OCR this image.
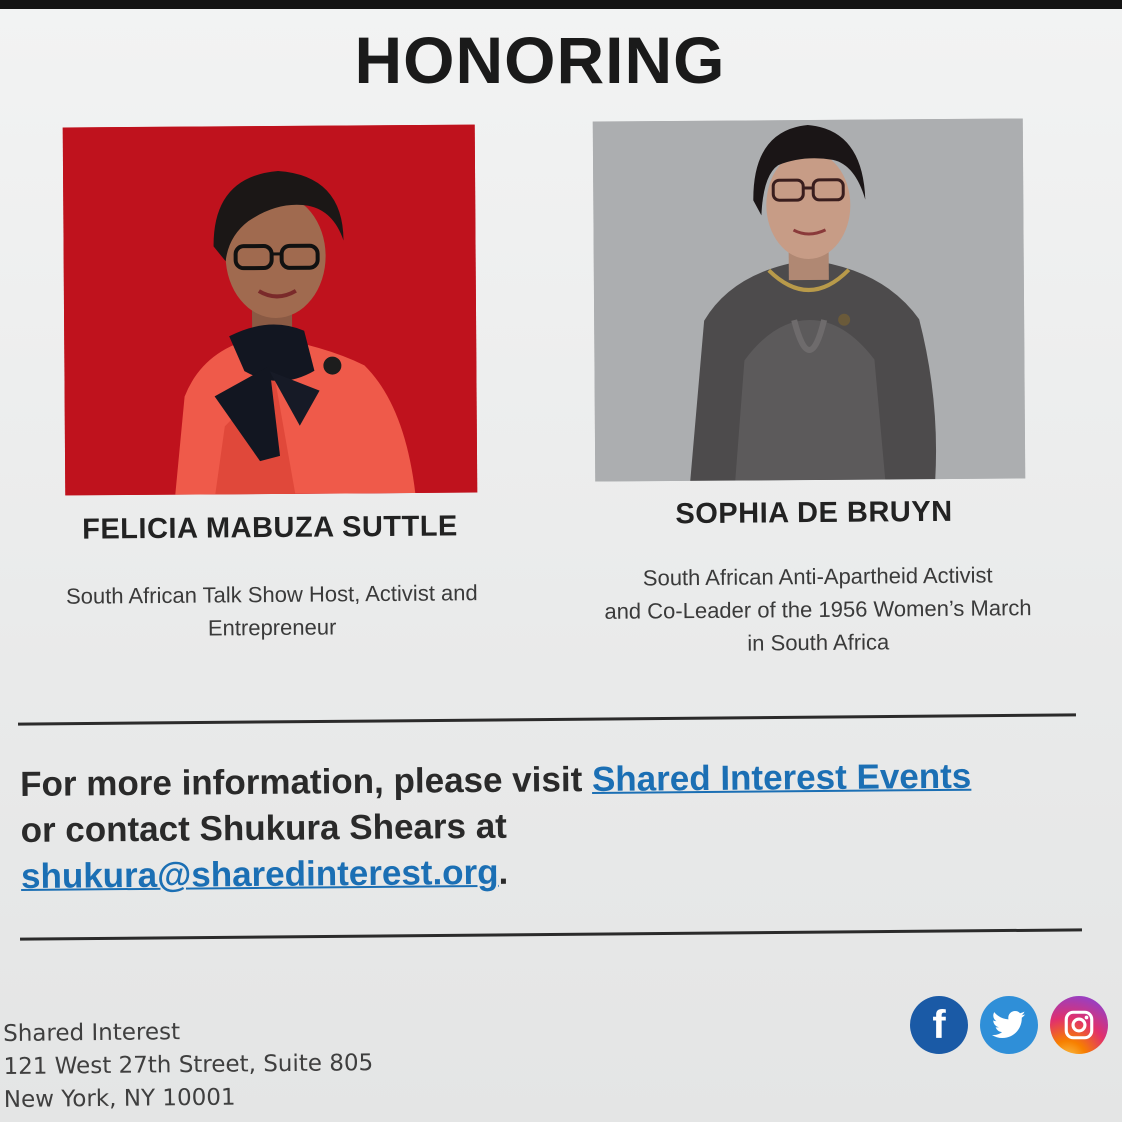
HONORING
FELICIA MABUZA SUTTLE	SOPHIA DE BRUYN
South African Talk Show Host, Activist and
Entrepreneur
South African Anti-Apartheid Activist
and Co-Leader of the 1956 Women’s March
in South Africa
For more information, please visit Shared Interest Events
or contact Shukura Shears at
shukura@sharedinterest.org.
Shared Interest
121 West 27th Street, Suite 805
New York, NY 10001
f
